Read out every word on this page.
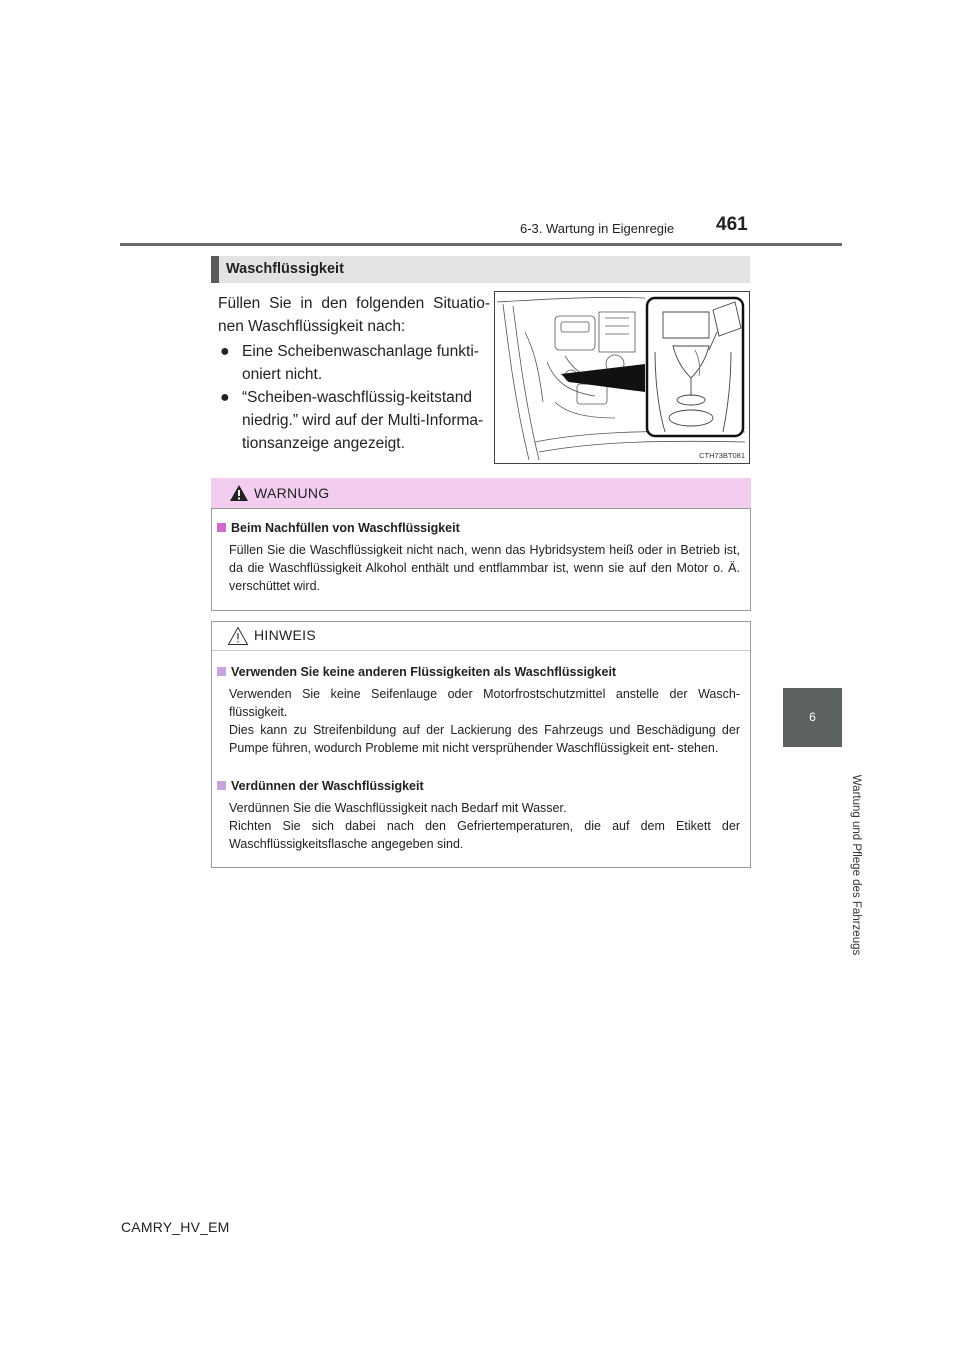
6-3. Wartung in Eigenregie 461
6
Wartung und Pflege des Fahrzeugs
Waschflüssigkeit
Füllen Sie in den folgenden Situatio- nen Waschflüssigkeit nach:
● Eine Scheibenwaschanlage funkti- oniert nicht.
● “Scheiben-waschflüssig-keitstand niedrig.” wird auf der Multi-Informa- tionsanzeige angezeigt.
CTH73BT081
WARNUNG
Beim Nachfüllen von Waschflüssigkeit
Füllen Sie die Waschflüssigkeit nicht nach, wenn das Hybridsystem heiß oder in Betrieb ist, da die Waschflüssigkeit Alkohol enthält und entflammbar ist, wenn sie auf den Motor o. Ä. verschüttet wird.
HINWEIS
Verwenden Sie keine anderen Flüssigkeiten als Waschflüssigkeit
Verwenden Sie keine Seifenlauge oder Motorfrostschutzmittel anstelle der Wasch- flüssigkeit.
Dies kann zu Streifenbildung auf der Lackierung des Fahrzeugs und Beschädigung der Pumpe führen, wodurch Probleme mit nicht versprühender Waschflüssigkeit ent- stehen.
Verdünnen der Waschflüssigkeit
Verdünnen Sie die Waschflüssigkeit nach Bedarf mit Wasser.
Richten Sie sich dabei nach den Gefriertemperaturen, die auf dem Etikett der Waschflüssigkeitsflasche angegeben sind.
CAMRY_HV_EM
